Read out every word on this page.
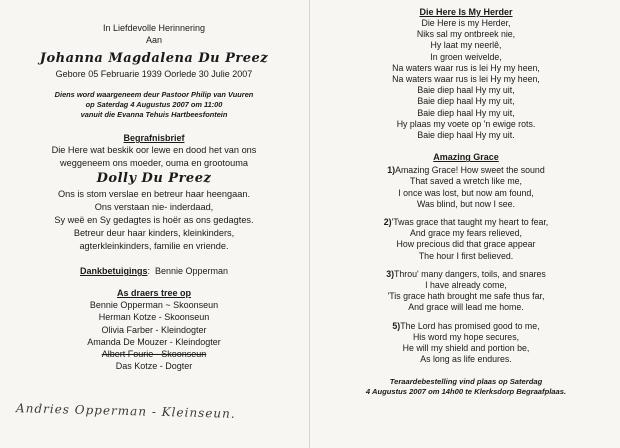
In Liefdevolle Herinnering
Aan
Johanna Magdalena Du Preez
Gebore 05 Februarie 1939 Oorlede 30 Julie 2007
Diens word waargeneem deur Pastoor Philip van Vuuren
op Saterdag 4 Augustus 2007 om 11:00
vanuit die Evanna Tehuis Hartbeesfontein
Begrafnisbrief
Die Here wat beskik oor lewe en dood het van ons
weggeneem ons moeder, ouma en grootouma
Dolly Du Preez
Ons is stom verslae en betreur haar heengaan.
Ons verstaan nie- inderdaad,
Sy weë en Sy gedagtes is hoër as ons gedagtes.
Betreur deur haar kinders, kleinkinders,
agterkleinkinders, familie en vriende.
Dankbetuigings:  Bennie Opperman
As draers tree op
Bennie Opperman ~ Skoonseun
Herman Kotze - Skoonseun
Olivia Farber - Kleindogter
Amanda De Mouzer - Kleindogter
Albert Fourie - Skoonseun
Das Kotze - Dogter
Andries Opperman - Kleinseun.
Die Here Is My Herder
Die Here is my Herder,
Niks sal my ontbreek nie,
Hy laat my neerlê,
In groen weivelde,
Na waters waar rus is lei Hy my heen,
Na waters waar rus is lei Hy my heen,
Baie diep haal Hy my uit,
Baie diep haal Hy my uit,
Baie diep haal Hy my uit,
Hy plaas my voete op 'n ewige rots.
Baie diep haal Hy my uit.
Amazing Grace
1)Amazing Grace! How sweet the sound
That saved a wretch like me,
I once was lost, but now am found,
Was blind, but now I see.
2)'Twas grace that taught my heart to fear,
And grace my fears relieved,
How precious did that grace appear
The hour I first believed.
3)Throu' many dangers, toils, and snares
I have already come,
'Tis grace hath brought me safe thus far,
And grace will lead me home.
5)The Lord has promised good to me,
His word my hope secures,
He will my shield and portion be,
As long as life endures.
Teraardebestelling vind plaas op Saterdag
4 Augustus 2007 om 14h00 te Klerksdorp Begraafplaas.
